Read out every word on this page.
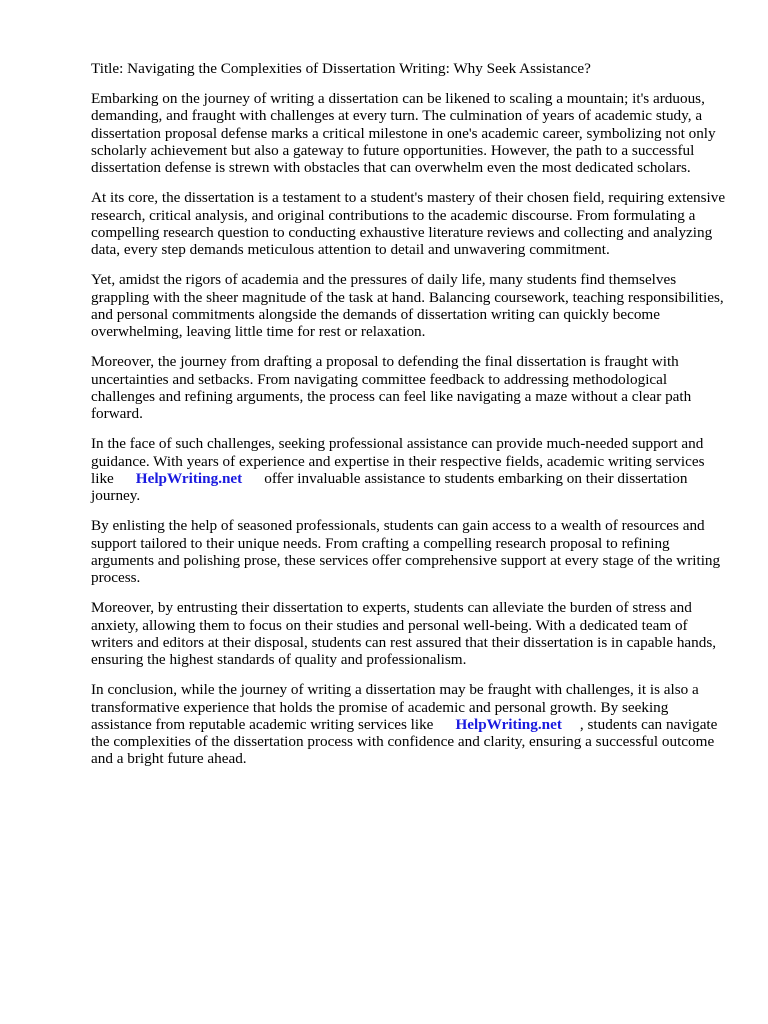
Title: Navigating the Complexities of Dissertation Writing: Why Seek Assistance?

Embarking on the journey of writing a dissertation can be likened to scaling a mountain; it's arduous, demanding, and fraught with challenges at every turn. The culmination of years of academic study, a dissertation proposal defense marks a critical milestone in one's academic career, symbolizing not only scholarly achievement but also a gateway to future opportunities. However, the path to a successful dissertation defense is strewn with obstacles that can overwhelm even the most dedicated scholars.

At its core, the dissertation is a testament to a student's mastery of their chosen field, requiring extensive research, critical analysis, and original contributions to the academic discourse. From formulating a compelling research question to conducting exhaustive literature reviews and collecting and analyzing data, every step demands meticulous attention to detail and unwavering commitment.

Yet, amidst the rigors of academia and the pressures of daily life, many students find themselves grappling with the sheer magnitude of the task at hand. Balancing coursework, teaching responsibilities, and personal commitments alongside the demands of dissertation writing can quickly become overwhelming, leaving little time for rest or relaxation.

Moreover, the journey from drafting a proposal to defending the final dissertation is fraught with uncertainties and setbacks. From navigating committee feedback to addressing methodological challenges and refining arguments, the process can feel like navigating a maze without a clear path forward.

In the face of such challenges, seeking professional assistance can provide much-needed support and guidance. With years of experience and expertise in their respective fields, academic writing services like HelpWriting.net offer invaluable assistance to students embarking on their dissertation journey.

By enlisting the help of seasoned professionals, students can gain access to a wealth of resources and support tailored to their unique needs. From crafting a compelling research proposal to refining arguments and polishing prose, these services offer comprehensive support at every stage of the writing process.

Moreover, by entrusting their dissertation to experts, students can alleviate the burden of stress and anxiety, allowing them to focus on their studies and personal well-being. With a dedicated team of writers and editors at their disposal, students can rest assured that their dissertation is in capable hands, ensuring the highest standards of quality and professionalism.

In conclusion, while the journey of writing a dissertation may be fraught with challenges, it is also a transformative experience that holds the promise of academic and personal growth. By seeking assistance from reputable academic writing services like HelpWriting.net , students can navigate the complexities of the dissertation process with confidence and clarity, ensuring a successful outcome and a bright future ahead.
